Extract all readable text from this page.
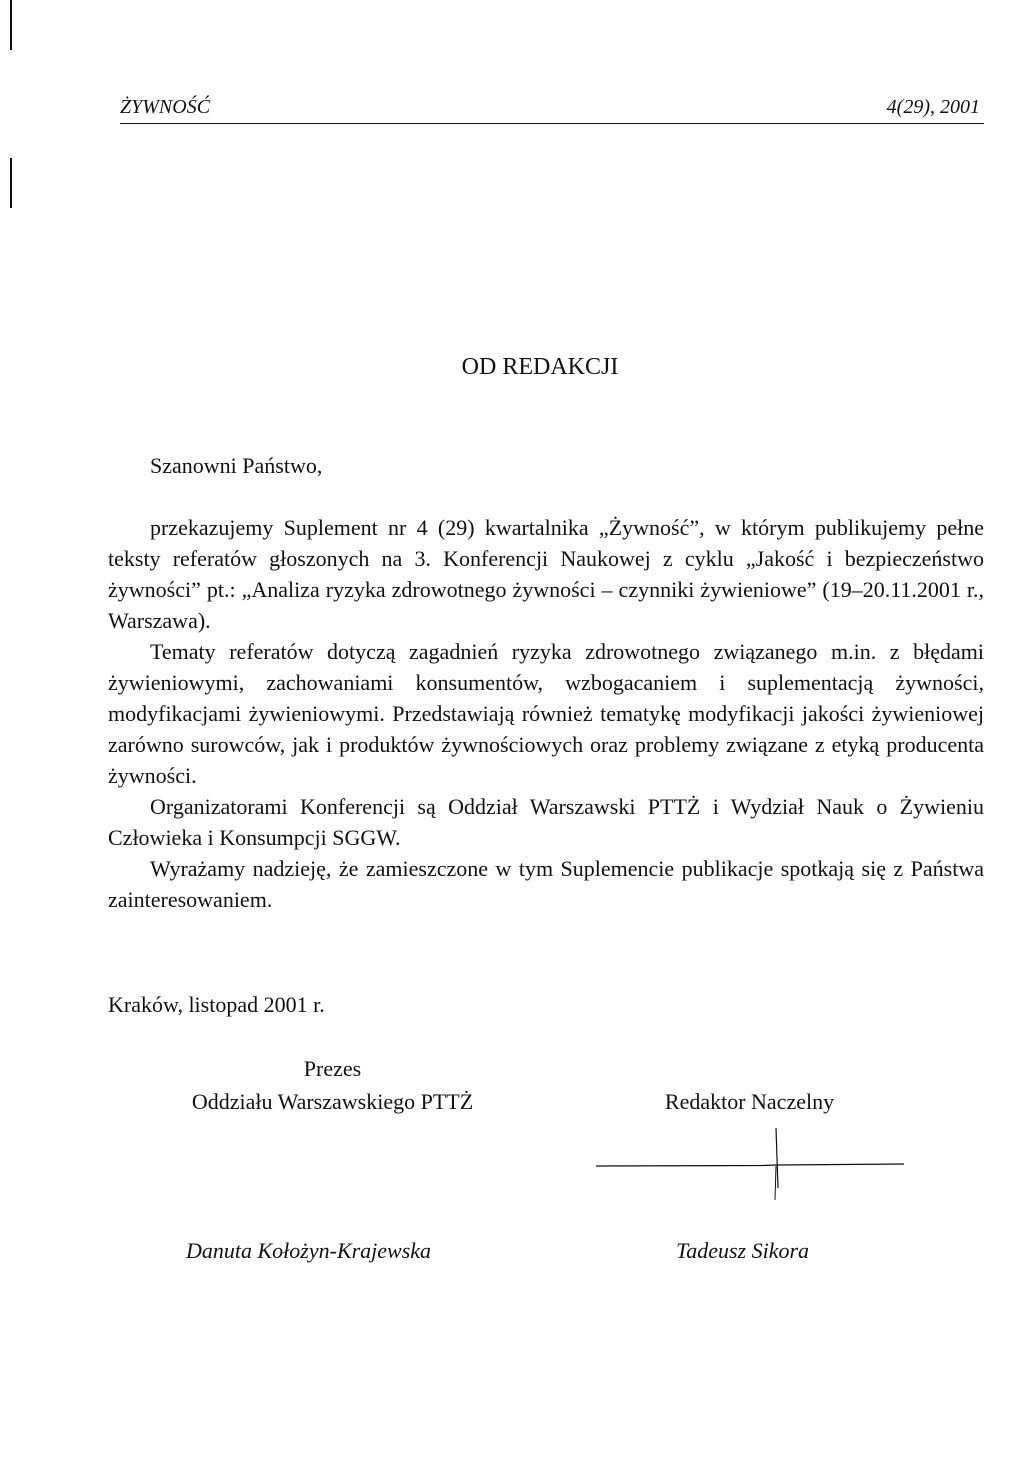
ŻYWNOŚĆ	4(29), 2001
OD REDAKCJI
Szanowni Państwo,

przekazujemy Suplement nr 4 (29) kwartalnika „Żywność”, w którym publikujemy pełne teksty referatów głoszonych na 3. Konferencji Naukowej z cyklu „Jakość i bezpieczeństwo żywności” pt.: „Analiza ryzyka zdrowotnego żywności – czynniki żywieniowe” (19–20.11.2001 r., Warszawa).

Tematy referatów dotyczą zagadnień ryzyka zdrowotnego związanego m.in. z błędami żywieniowymi, zachowaniami konsumentów, wzbogacaniem i suplementacją żywności, modyfikacjami żywieniowymi. Przedstawiają również tematykę modyfikacji jakości żywieniowej zarówno surowców, jak i produktów żywnościowych oraz problemy związane z etyką producenta żywności.

Organizatorami Konferencji są Oddział Warszawski PTTŻ i Wydział Nauk o Żywieniu Człowieka i Konsumpcji SGGW.

Wyrażamy nadzieję, że zamieszczone w tym Suplemencie publikacje spotkają się z Państwa zainteresowaniem.

Kraków, listopad 2001 r.
Prezes
Oddziału Warszawskiego PTTŻ	Redaktor Naczelny
Danuta Kołożyn-Krajewska	Tadeusz Sikora
